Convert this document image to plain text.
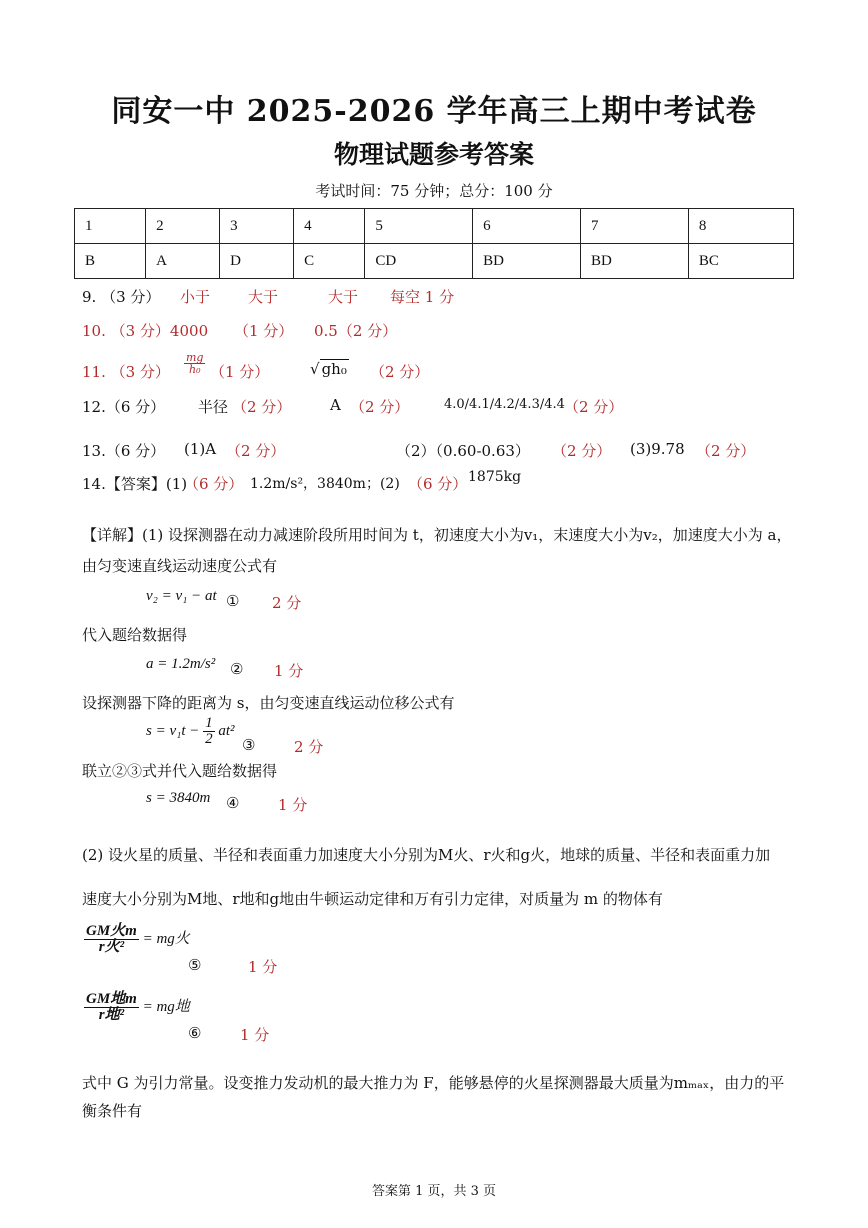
同安一中 2025-2026 学年高三上期中考试卷
物理试题参考答案
考试时间：75 分钟；总分：100 分
1	2	3	4	5	6	7	8
B	A	D	C	CD	BD	BD	BC
9. （3 分） 小于	大于	大于 每空 1 分
10. （3 分）4000 （1 分） 0.5（2 分）
11. （3 分） $\frac{mg}{\text{h₀}} (1$ 分）	√ gh₀ （2 分）
12.（6 分） 半径 （2 分）	A （2 分）	4.0/4.1/4.2/4.3/4.4 （2 分）
13.（6 分） (1)A （2 分）	（2）（0.60-0.63） （2 分） (3)9.78 （2 分）
14.【答案】(1)
（6 分） 1.2m/s²，3840m；(2) （6 分） 1875kg
【详解】(1) 设探测器在动力减速阶段所用时间为 t，初速度大小为v₁，末速度大小为v₂，加速度大小为 a，
由匀变速直线运动速度公式有
v₂ = v₁ − at ① 2 分
代入题给数据得
a = 1.2m/s² ② 1 分
设探测器下降的距离为 s，由匀变速直线运动位移公式有
$s = v_1t - \frac{1}{2} at^2$
③	2 分
联立②③式并代入题给数据得
s = 3840m ④	1 分
(2) 设火星的质量、半径和表面重力加速度大小分别为M火、r火和g火，地球的质量、半径和表面重力加
速度大小分别为M地、r地和g地由牛顿运动定律和万有引力定律，对质量为 m 的物体有
$\frac{\text{GM火m}}{\text{r火²}}$ = mg火
⑤	1 分
$\frac{\text{GM地m}}{\text{r地²}}$ = mg地
⑥	1 分
式中 G 为引力常量。设变推力发动机的最大推力为 F，能够悬停的火星探测器最大质量为mₘₐₓ，由力的平
衡条件有
答案第 1 页，共 3 页
